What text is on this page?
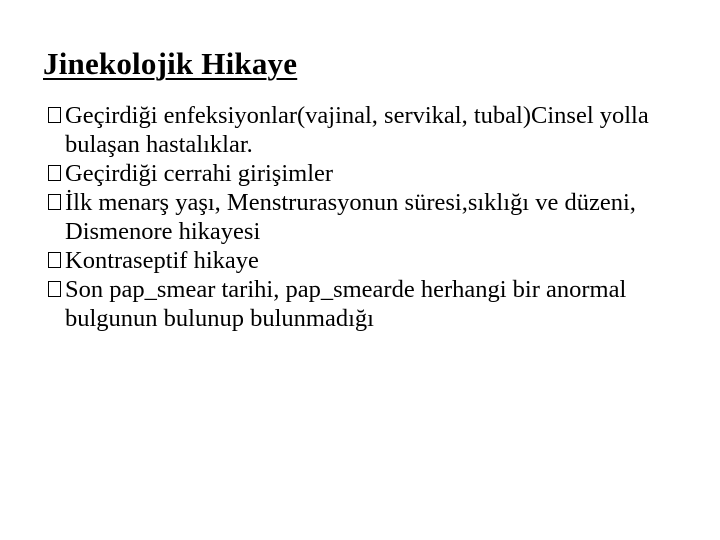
Jinekolojik Hikaye
Geçirdiği enfeksiyonlar(vajinal, servikal, tubal)Cinsel yolla bulaşan hastalıklar.
Geçirdiği cerrahi girişimler
İlk menarş yaşı, Menstrurasyonun süresi,sıklığı ve düzeni, Dismenore hikayesi
Kontraseptif hikaye
Son pap_smear tarihi, pap_smearde herhangi bir anormal bulgunun bulunup bulunmadığı
